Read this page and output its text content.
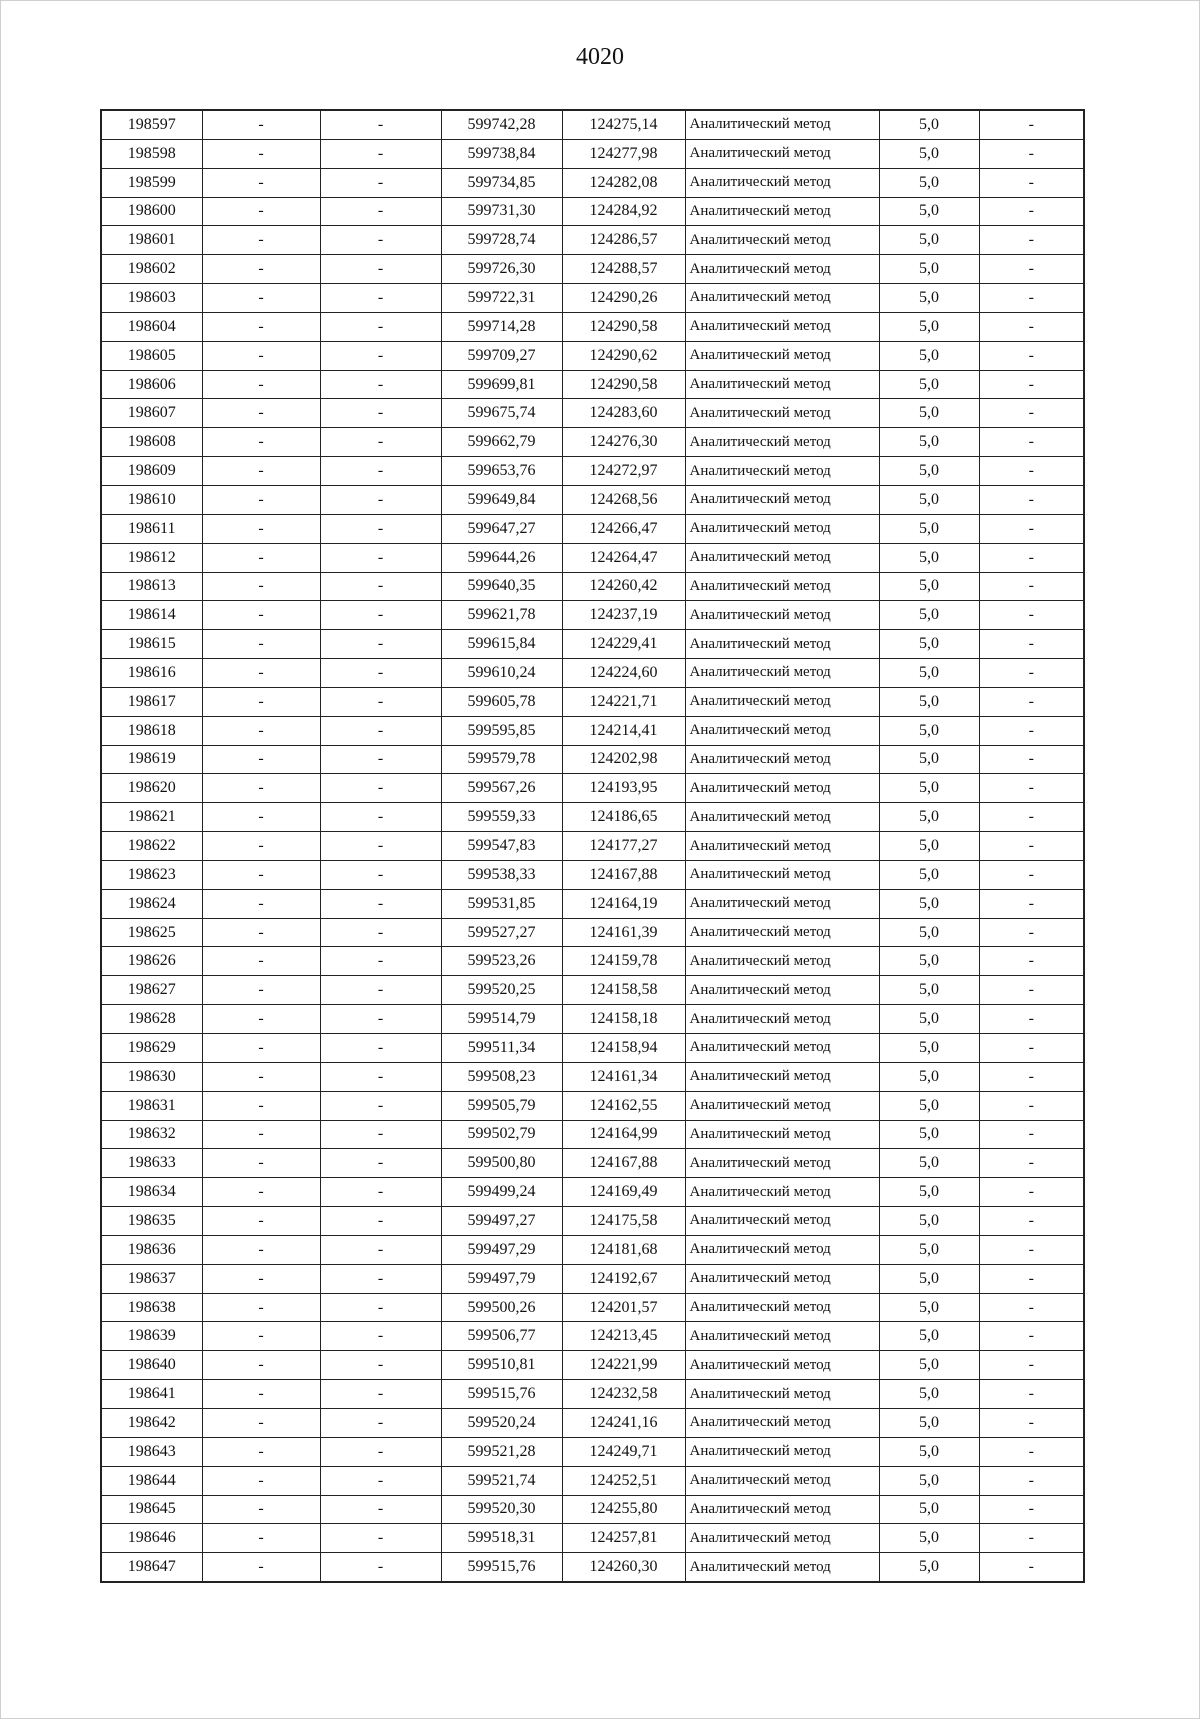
4020
198597	-	-	599742,28	124275,14	Аналитический метод	5,0	-
198598	-	-	599738,84	124277,98	Аналитический метод	5,0	-
198599	-	-	599734,85	124282,08	Аналитический метод	5,0	-
198600	-	-	599731,30	124284,92	Аналитический метод	5,0	-
198601	-	-	599728,74	124286,57	Аналитический метод	5,0	-
198602	-	-	599726,30	124288,57	Аналитический метод	5,0	-
198603	-	-	599722,31	124290,26	Аналитический метод	5,0	-
198604	-	-	599714,28	124290,58	Аналитический метод	5,0	-
198605	-	-	599709,27	124290,62	Аналитический метод	5,0	-
198606	-	-	599699,81	124290,58	Аналитический метод	5,0	-
198607	-	-	599675,74	124283,60	Аналитический метод	5,0	-
198608	-	-	599662,79	124276,30	Аналитический метод	5,0	-
198609	-	-	599653,76	124272,97	Аналитический метод	5,0	-
198610	-	-	599649,84	124268,56	Аналитический метод	5,0	-
198611	-	-	599647,27	124266,47	Аналитический метод	5,0	-
198612	-	-	599644,26	124264,47	Аналитический метод	5,0	-
198613	-	-	599640,35	124260,42	Аналитический метод	5,0	-
198614	-	-	599621,78	124237,19	Аналитический метод	5,0	-
198615	-	-	599615,84	124229,41	Аналитический метод	5,0	-
198616	-	-	599610,24	124224,60	Аналитический метод	5,0	-
198617	-	-	599605,78	124221,71	Аналитический метод	5,0	-
198618	-	-	599595,85	124214,41	Аналитический метод	5,0	-
198619	-	-	599579,78	124202,98	Аналитический метод	5,0	-
198620	-	-	599567,26	124193,95	Аналитический метод	5,0	-
198621	-	-	599559,33	124186,65	Аналитический метод	5,0	-
198622	-	-	599547,83	124177,27	Аналитический метод	5,0	-
198623	-	-	599538,33	124167,88	Аналитический метод	5,0	-
198624	-	-	599531,85	124164,19	Аналитический метод	5,0	-
198625	-	-	599527,27	124161,39	Аналитический метод	5,0	-
198626	-	-	599523,26	124159,78	Аналитический метод	5,0	-
198627	-	-	599520,25	124158,58	Аналитический метод	5,0	-
198628	-	-	599514,79	124158,18	Аналитический метод	5,0	-
198629	-	-	599511,34	124158,94	Аналитический метод	5,0	-
198630	-	-	599508,23	124161,34	Аналитический метод	5,0	-
198631	-	-	599505,79	124162,55	Аналитический метод	5,0	-
198632	-	-	599502,79	124164,99	Аналитический метод	5,0	-
198633	-	-	599500,80	124167,88	Аналитический метод	5,0	-
198634	-	-	599499,24	124169,49	Аналитический метод	5,0	-
198635	-	-	599497,27	124175,58	Аналитический метод	5,0	-
198636	-	-	599497,29	124181,68	Аналитический метод	5,0	-
198637	-	-	599497,79	124192,67	Аналитический метод	5,0	-
198638	-	-	599500,26	124201,57	Аналитический метод	5,0	-
198639	-	-	599506,77	124213,45	Аналитический метод	5,0	-
198640	-	-	599510,81	124221,99	Аналитический метод	5,0	-
198641	-	-	599515,76	124232,58	Аналитический метод	5,0	-
198642	-	-	599520,24	124241,16	Аналитический метод	5,0	-
198643	-	-	599521,28	124249,71	Аналитический метод	5,0	-
198644	-	-	599521,74	124252,51	Аналитический метод	5,0	-
198645	-	-	599520,30	124255,80	Аналитический метод	5,0	-
198646	-	-	599518,31	124257,81	Аналитический метод	5,0	-
198647	-	-	599515,76	124260,30	Аналитический метод	5,0	-
